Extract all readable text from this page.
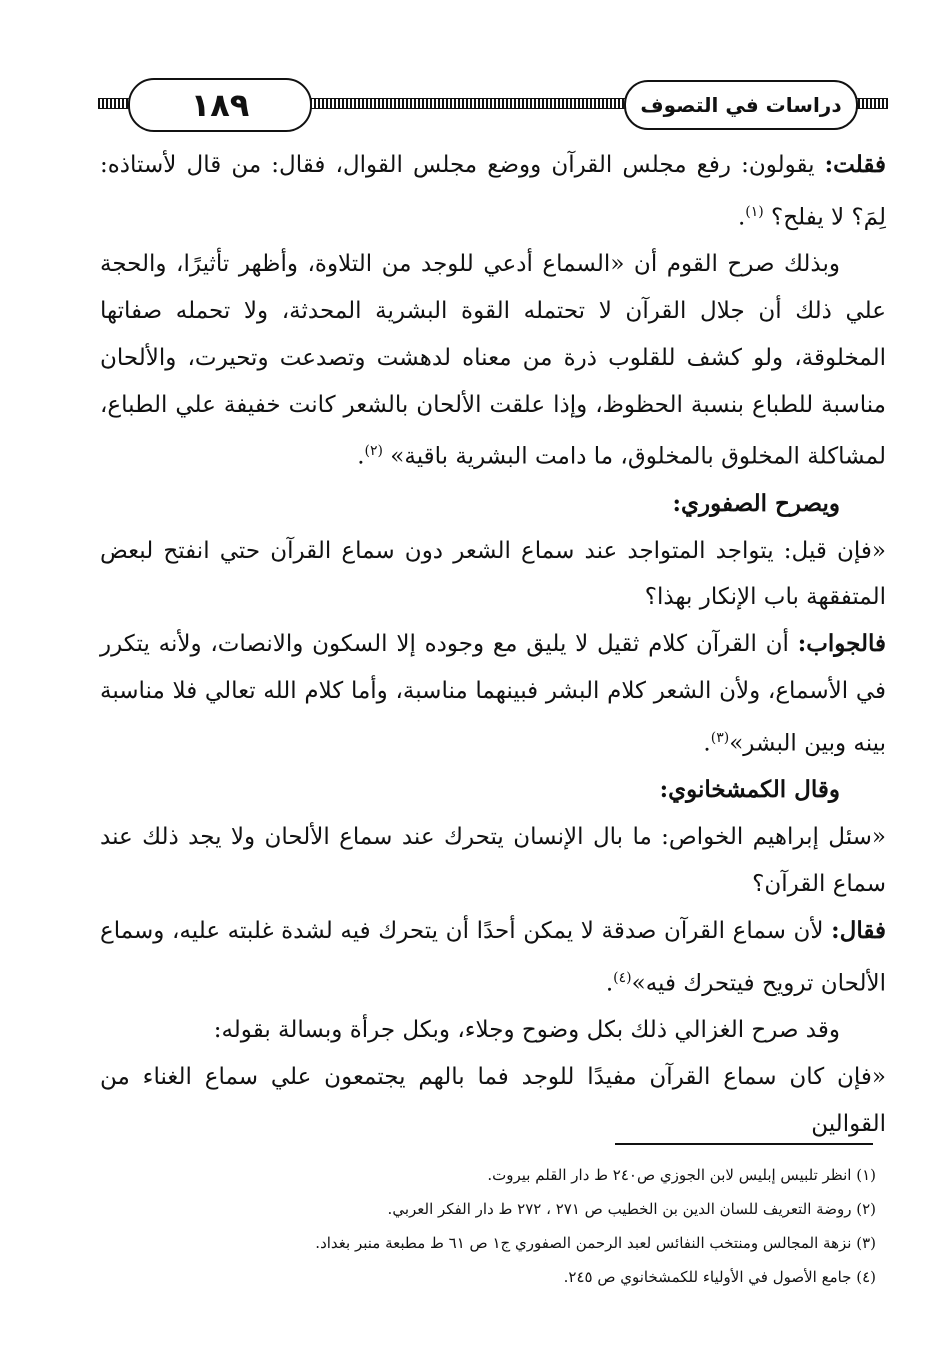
١٨٩	دراسات في التصوف

فقلت: يقولون: رفع مجلس القرآن ووضع مجلس القوال، فقال: من قال لأستاذه: لِمَ؟ لا يفلح؟ $^{(١)}$.

وبذلك صرح القوم أن «السماع أدعي للوجد من التلاوة، وأظهر تأثيرًا، والحجة علي ذلك أن جلال القرآن لا تحتمله القوة البشرية المحدثة، ولا تحمله صفاتها المخلوقة، ولو كشف للقلوب ذرة من معناه لدهشت وتصدعت وتحيرت، والألحان مناسبة للطباع بنسبة الحظوظ، وإذا علقت الألحان بالشعر كانت خفيفة علي الطباع، لمشاكلة المخلوق بالمخلوق، ما دامت البشرية باقية» $^{(٢)}$.

ويصرح الصفوري:

«فإن قيل: يتواجد المتواجد عند سماع الشعر دون سماع القرآن حتي انفتح لبعض المتفقهة باب الإنكار بهذا؟

فالجواب: أن القرآن كلام ثقيل لا يليق مع وجوده إلا السكون والانصات، ولأنه يتكرر في الأسماع، ولأن الشعر كلام البشر فبينهما مناسبة، وأما كلام الله تعالي فلا مناسبة بينه وبين البشر»$^{(٣)}$.

وقال الكمشخانوي:

«سئل إبراهيم الخواص: ما بال الإنسان يتحرك عند سماع الألحان ولا يجد ذلك عند سماع القرآن؟

فقال: لأن سماع القرآن صدقة لا يمكن أحدًا أن يتحرك فيه لشدة غلبته عليه، وسماع الألحان ترويح فيتحرك فيه»$^{(٤)}$.

وقد صرح الغزالي ذلك بكل وضوح وجلاء، وبكل جرأة وبسالة بقوله:

«فإن كان سماع القرآن مفيدًا للوجد فما بالهم يجتمعون علي سماع الغناء من القوالين

(١) انظر تلبيس إبليس لابن الجوزي ص٢٤٠ ط دار القلم بيروت.

(٢) روضة التعريف للسان الدين بن الخطيب ص ٢٧١ ، ٢٧٢ ط دار الفكر العربي.

(٣) نزهة المجالس ومنتخب النفائس لعبد الرحمن الصفوري ج١ ص ٦١ ط مطبعة منبر بغداد.

(٤) جامع الأصول في الأولياء للكمشخانوي ص ٢٤٥.
